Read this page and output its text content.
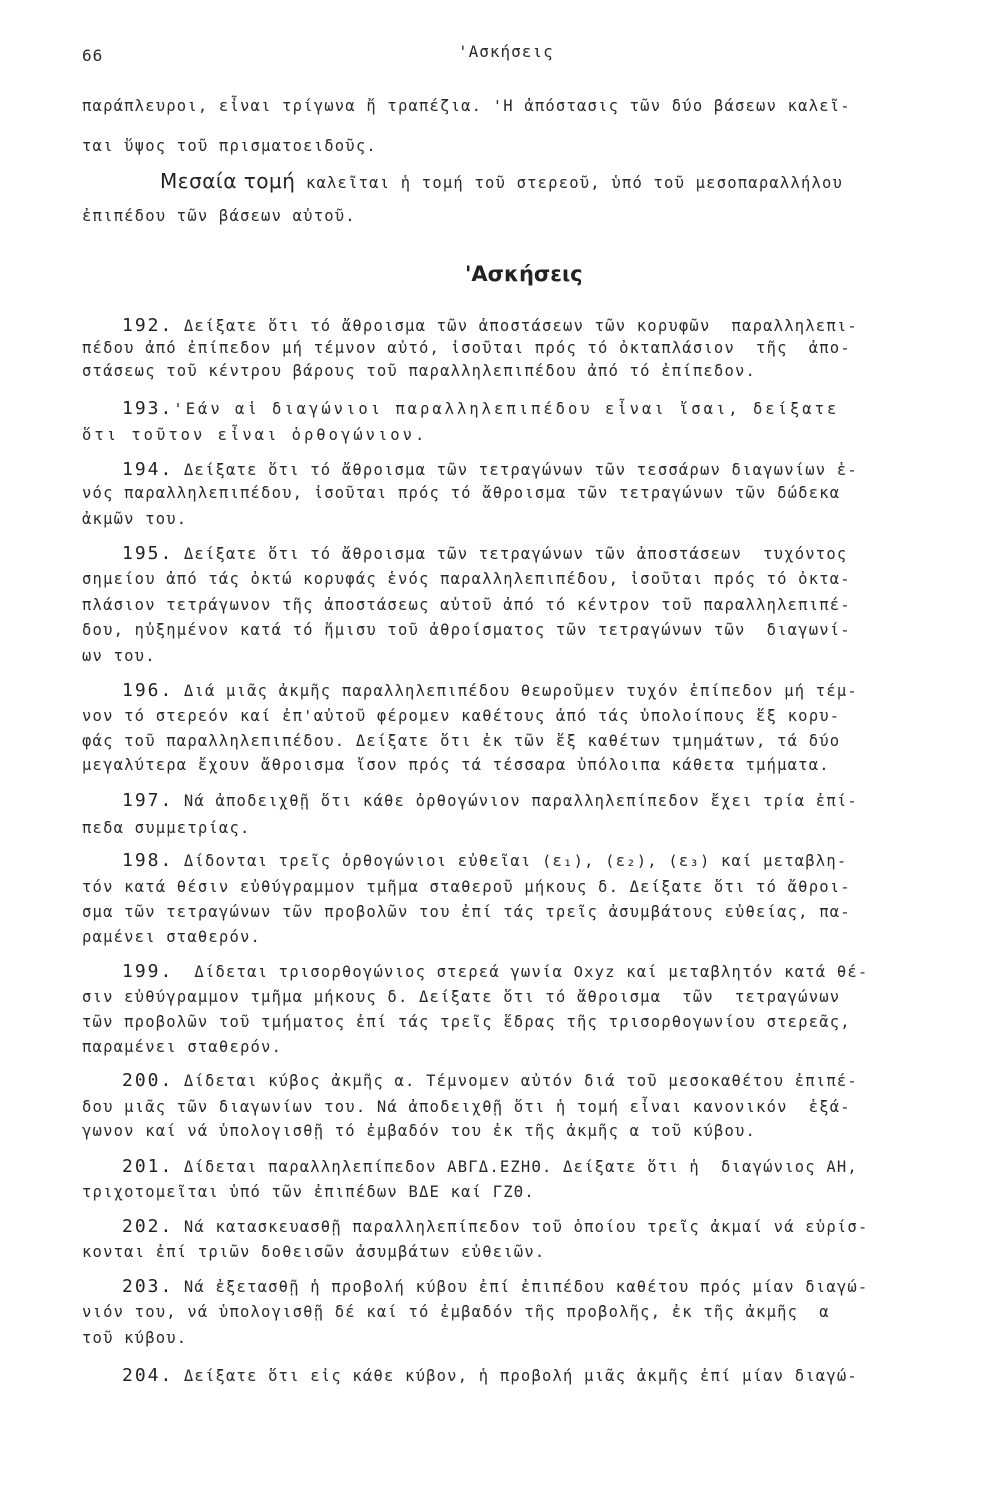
66	'Ασκήσεις
παράπλευροι, εἶναι τρίγωνα ἤ τραπέζια. 'Η ἀπόστασις τῶν δύο βάσεων καλεῖ-
ται ὕψος τοῦ πρισματοειδοῦς.
Μεσαία τομή καλεῖται ἡ τομή τοῦ στερεοῦ, ὑπό τοῦ μεσοπαραλλήλου
ἐπιπέδου τῶν βάσεων αὐτοῦ.
'Ασκήσεις
192. Δείξατε ὅτι τό ἄθροισμα τῶν ἀποστάσεων τῶν κορυφῶν  παραλληλεπι-
πέδου ἀπό ἐπίπεδον μή τέμνον αὐτό, ἰσοῦται πρός τό ὀκταπλάσιον  τῆς  ἀπο-
στάσεως τοῦ κέντρου βάρους τοῦ παραλληλεπιπέδου ἀπό τό ἐπίπεδον.
193.'Εάν αἱ διαγώνιοι παραλληλεπιπέδου εἶναι ἴσαι, δείξατε
ὅτι τοῦτον εἶναι ὀρθογώνιον.
194. Δείξατε ὅτι τό ἄθροισμα τῶν τετραγώνων τῶν τεσσάρων διαγωνίων ἑ-
νός παραλληλεπιπέδου, ἰσοῦται πρός τό ἄθροισμα τῶν τετραγώνων τῶν δώδεκα
ἀκμῶν του.
195. Δείξατε ὅτι τό ἄθροισμα τῶν τετραγώνων τῶν ἀποστάσεων  τυχόντος
σημείου ἀπό τάς ὀκτώ κορυφάς ἑνός παραλληλεπιπέδου, ἰσοῦται πρός τό ὀκτα-
πλάσιον τετράγωνον τῆς ἀποστάσεως αὐτοῦ ἀπό τό κέντρον τοῦ παραλληλεπιπέ-
δου, ηὐξημένον κατά τό ἥμισυ τοῦ ἀθροίσματος τῶν τετραγώνων τῶν  διαγωνί-
ων του.
196. Διά μιᾶς ἀκμῆς παραλληλεπιπέδου θεωροῦμεν τυχόν ἐπίπεδον μή τέμ-
νον τό στερεόν καί ἐπ'αὐτοῦ φέρομεν καθέτους ἀπό τάς ὑπολοίπους ἕξ κορυ-
φάς τοῦ παραλληλεπιπέδου. Δείξατε ὅτι ἐκ τῶν ἕξ καθέτων τμημάτων, τά δύο
μεγαλύτερα ἔχουν ἄθροισμα ἴσον πρός τά τέσσαρα ὑπόλοιπα κάθετα τμήματα.
197. Νά ἀποδειχθῇ ὅτι κάθε ὀρθογώνιον παραλληλεπίπεδον ἔχει τρία ἐπί-
πεδα συμμετρίας.
198. Δίδονται τρεῖς ὀρθογώνιοι εὐθεῖαι (ε₁), (ε₂), (ε₃) καί μεταβλη-
τόν κατά θέσιν εὐθύγραμμον τμῆμα σταθεροῦ μήκους δ. Δείξατε ὅτι τό ἄθροι-
σμα τῶν τετραγώνων τῶν προβολῶν του ἐπί τάς τρεῖς ἀσυμβάτους εὐθείας, πα-
ραμένει σταθερόν.
199.  Δίδεται τρισορθογώνιος στερεά γωνία Oxyz καί μεταβλητόν κατά θέ-
σιν εὐθύγραμμον τμῆμα μήκους δ. Δείξατε ὅτι τό ἄθροισμα  τῶν  τετραγώνων
τῶν προβολῶν τοῦ τμήματος ἐπί τάς τρεῖς ἕδρας τῆς τρισορθογωνίου στερεᾶς,
παραμένει σταθερόν.
200. Δίδεται κύβος ἀκμῆς α. Τέμνομεν αὐτόν διά τοῦ μεσοκαθέτου ἐπιπέ-
δου μιᾶς τῶν διαγωνίων του. Νά ἀποδειχθῇ ὅτι ἡ τομή εἶναι κανονικόν  ἑξά-
γωνον καί νά ὑπολογισθῇ τό ἐμβαδόν του ἐκ τῆς ἀκμῆς α τοῦ κύβου.
201. Δίδεται παραλληλεπίπεδον ΑΒΓΔ.ΕΖΗΘ. Δείξατε ὅτι ἡ  διαγώνιος ΑΗ,
τριχοτομεῖται ὑπό τῶν ἐπιπέδων ΒΔΕ καί ΓΖΘ.
202. Νά κατασκευασθῇ παραλληλεπίπεδον τοῦ ὁποίου τρεῖς ἀκμαί νά εὑρίσ-
κονται ἐπί τριῶν δοθεισῶν ἀσυμβάτων εὐθειῶν.
203. Νά ἐξετασθῇ ἡ προβολή κύβου ἐπί ἐπιπέδου καθέτου πρός μίαν διαγώ-
νιόν του, νά ὑπολογισθῇ δέ καί τό ἐμβαδόν τῆς προβολῆς, ἐκ τῆς ἀκμῆς  α
τοῦ κύβου.
204. Δείξατε ὅτι εἰς κάθε κύβον, ἡ προβολή μιᾶς ἀκμῆς ἐπί μίαν διαγώ-
